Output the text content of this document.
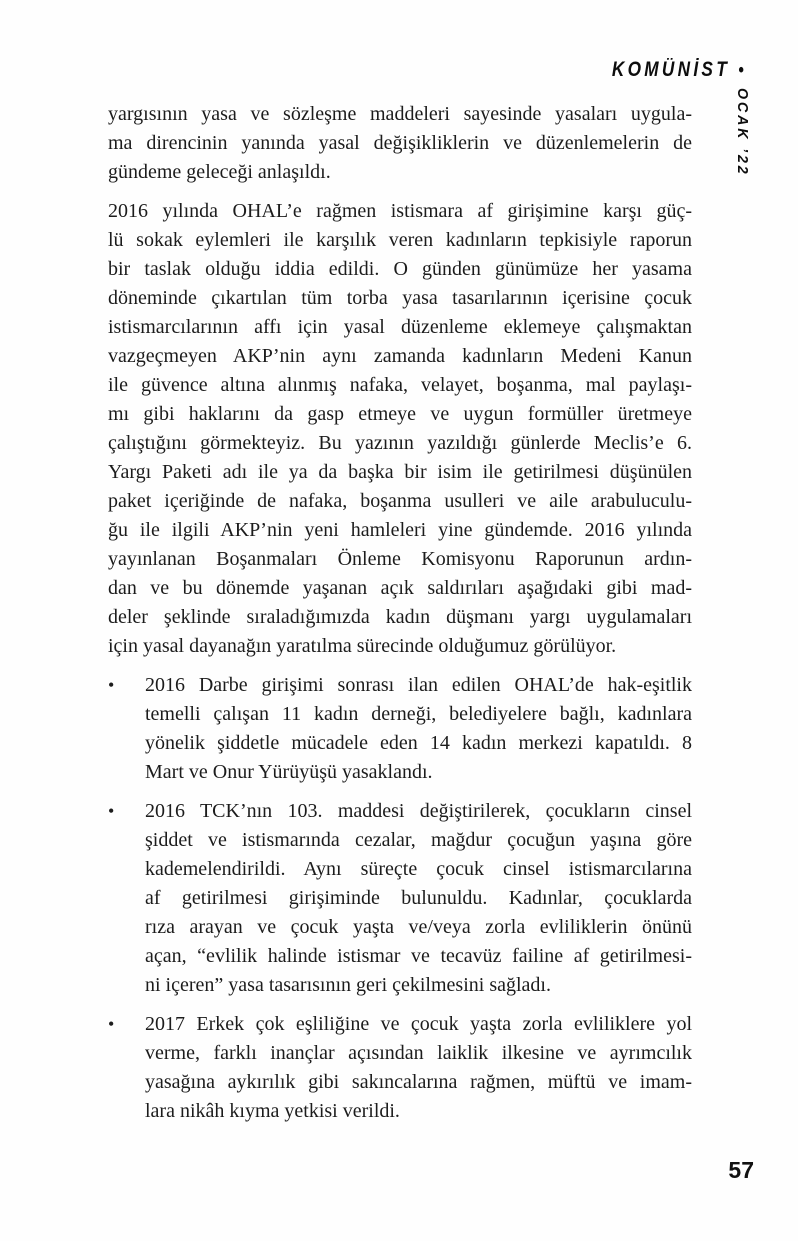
KOMÜNİST •
OCAK ’22
yargısının yasa ve sözleşme maddeleri sayesinde yasaları uygula-
ma direncinin yanında yasal değişikliklerin ve düzenlemelerin de
gündeme geleceği anlaşıldı.
2016 yılında OHAL’e rağmen istismara af girişimine karşı güç-
lü sokak eylemleri ile karşılık veren kadınların tepkisiyle raporun
bir taslak olduğu iddia edildi. O günden günümüze her yasama
döneminde çıkartılan tüm torba yasa tasarılarının içerisine çocuk
istismarcılarının affı için yasal düzenleme eklemeye çalışmaktan
vazgeçmeyen AKP’nin aynı zamanda kadınların Medeni Kanun
ile güvence altına alınmış nafaka, velayet, boşanma, mal paylaşı-
mı gibi haklarını da gasp etmeye ve uygun formüller üretmeye
çalıştığını görmekteyiz. Bu yazının yazıldığı günlerde Meclis’e 6.
Yargı Paketi adı ile ya da başka bir isim ile getirilmesi düşünülen
paket içeriğinde de nafaka, boşanma usulleri ve aile arabuluculu-
ğu ile ilgili AKP’nin yeni hamleleri yine gündemde. 2016 yılında
yayınlanan Boşanmaları Önleme Komisyonu Raporunun ardın-
dan ve bu dönemde yaşanan açık saldırıları aşağıdaki gibi mad-
deler şeklinde sıraladığımızda kadın düşmanı yargı uygulamaları
için yasal dayanağın yaratılma sürecinde olduğumuz görülüyor.
•	2016 Darbe girişimi sonrası ilan edilen OHAL’de hak-eşitlik
temelli çalışan 11 kadın derneği, belediyelere bağlı, kadınlara
yönelik şiddetle mücadele eden 14 kadın merkezi kapatıldı. 8
Mart ve Onur Yürüyüşü yasaklandı.
•	2016 TCK’nın 103. maddesi değiştirilerek, çocukların cinsel
şiddet ve istismarında cezalar, mağdur çocuğun yaşına göre
kademelendirildi. Aynı süreçte çocuk cinsel istismarcılarına
af getirilmesi girişiminde bulunuldu. Kadınlar, çocuklarda
rıza arayan ve çocuk yaşta ve/veya zorla evliliklerin önünü
açan, “evlilik halinde istismar ve tecavüz failine af getirilmesi-
ni içeren” yasa tasarısının geri çekilmesini sağladı.
•	2017 Erkek çok eşliliğine ve çocuk yaşta zorla evliliklere yol
verme, farklı inançlar açısından laiklik ilkesine ve ayrımcılık
yasağına aykırılık gibi sakıncalarına rağmen, müftü ve imam-
lara nikâh kıyma yetkisi verildi.
57
